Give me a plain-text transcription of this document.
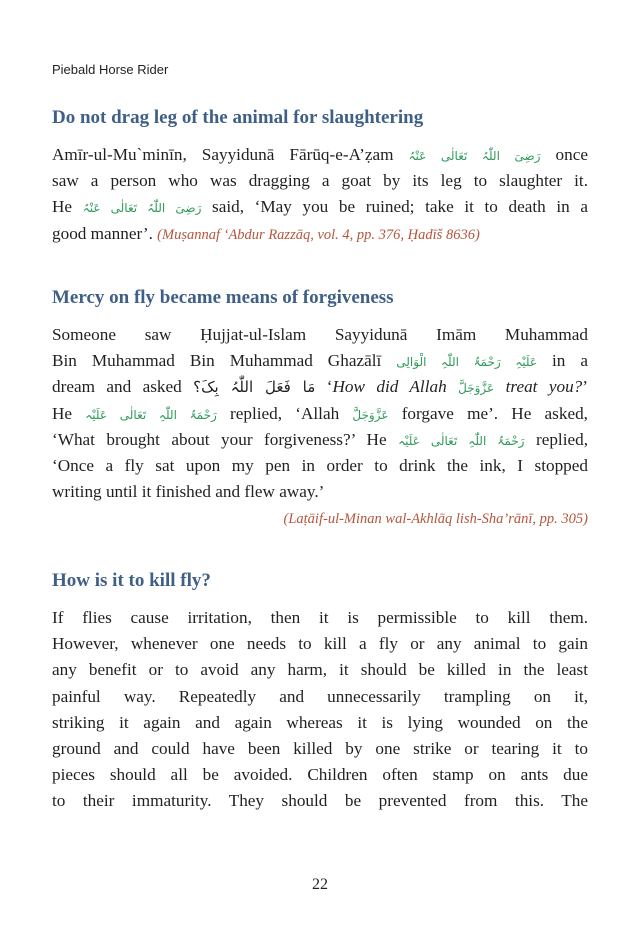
Piebald Horse Rider
Do not drag leg of the animal for slaughtering
Amīr-ul-Mu`minīn, Sayyidunā Fārūq-e-A’ẓam رَضِیَ اللّٰہُ تَعَالٰی عَنْہُ once
saw a person who was dragging a goat by its leg to slaughter it.
He رَضِیَ اللّٰہُ تَعَالٰی عَنْہُ said, ‘May you be ruined; take it to death in a
good manner’. (Muṣannaf ‘Abdur Razzāq, vol. 4, pp. 376, Ḥadīš 8636)
Mercy on fly became means of forgiveness
Someone saw Ḥujjat-ul-Islam Sayyidunā Imām Muhammad
Bin Muhammad Bin Muhammad Ghazālī عَلَیْہِ رَحْمَۃُ اللّٰہِ الْوَالِی in a
dream and asked مَا فَعَلَ اللّٰہُ بِکَ؟ ‘How did Allah عَزَّوَجَلَّ treat you?’
He رَحْمَۃُ اللّٰہِ تَعَالٰی عَلَیْہ replied, ‘Allah عَزَّوَجَلَّ forgave me’. He asked,
‘What brought about your forgiveness?’ He رَحْمَۃُ اللّٰہِ تَعَالٰی عَلَیْہ replied,
‘Once a fly sat upon my pen in order to drink the ink, I stopped
writing until it finished and flew away.’
(Laṭāif-ul-Minan wal-Akhlāq lish-Sha’rānī, pp. 305)
How is it to kill fly?
If flies cause irritation, then it is permissible to kill them.
However, whenever one needs to kill a fly or any animal to gain
any benefit or to avoid any harm, it should be killed in the least
painful way. Repeatedly and unnecessarily trampling on it,
striking it again and again whereas it is lying wounded on the
ground and could have been killed by one strike or tearing it to
pieces should all be avoided. Children often stamp on ants due
to their immaturity. They should be prevented from this. The
22
